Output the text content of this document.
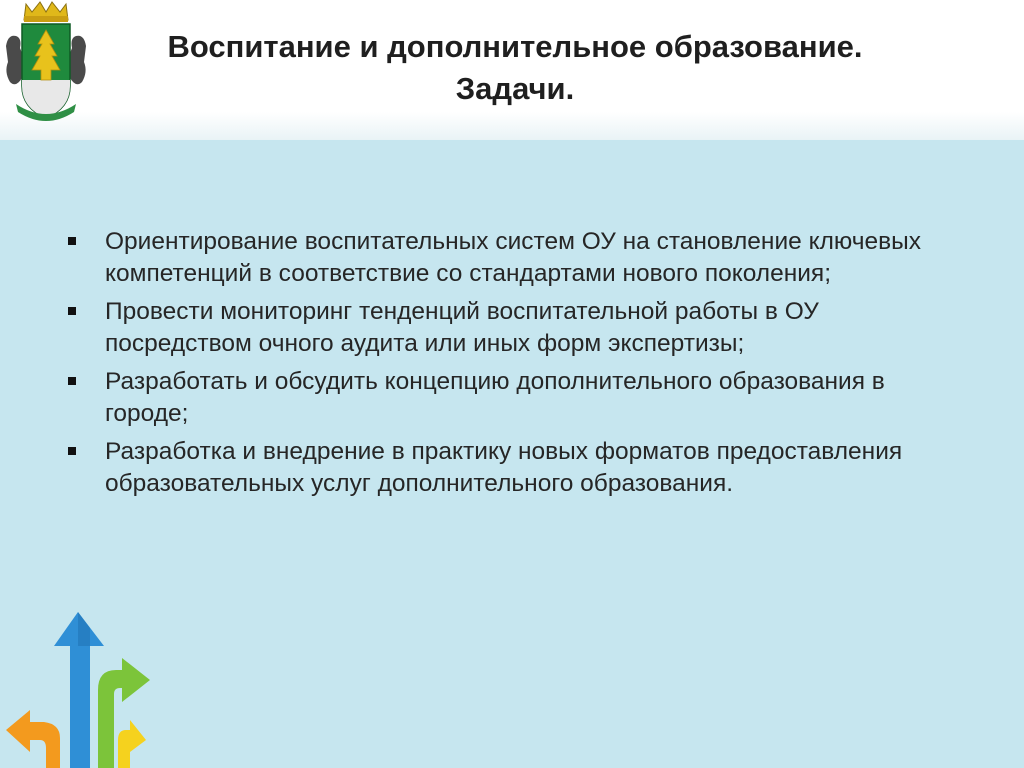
Воспитание и дополнительное образование.
Задачи.
Ориентирование воспитательных систем ОУ на становление ключевых компетенций в соответствие со стандартами нового поколения;
Провести мониторинг тенденций воспитательной работы в ОУ посредством очного аудита или иных форм экспертизы;
Разработать и обсудить концепцию дополнительного образования в городе;
Разработка и внедрение в практику новых форматов предоставления образовательных услуг дополнительного образования.
